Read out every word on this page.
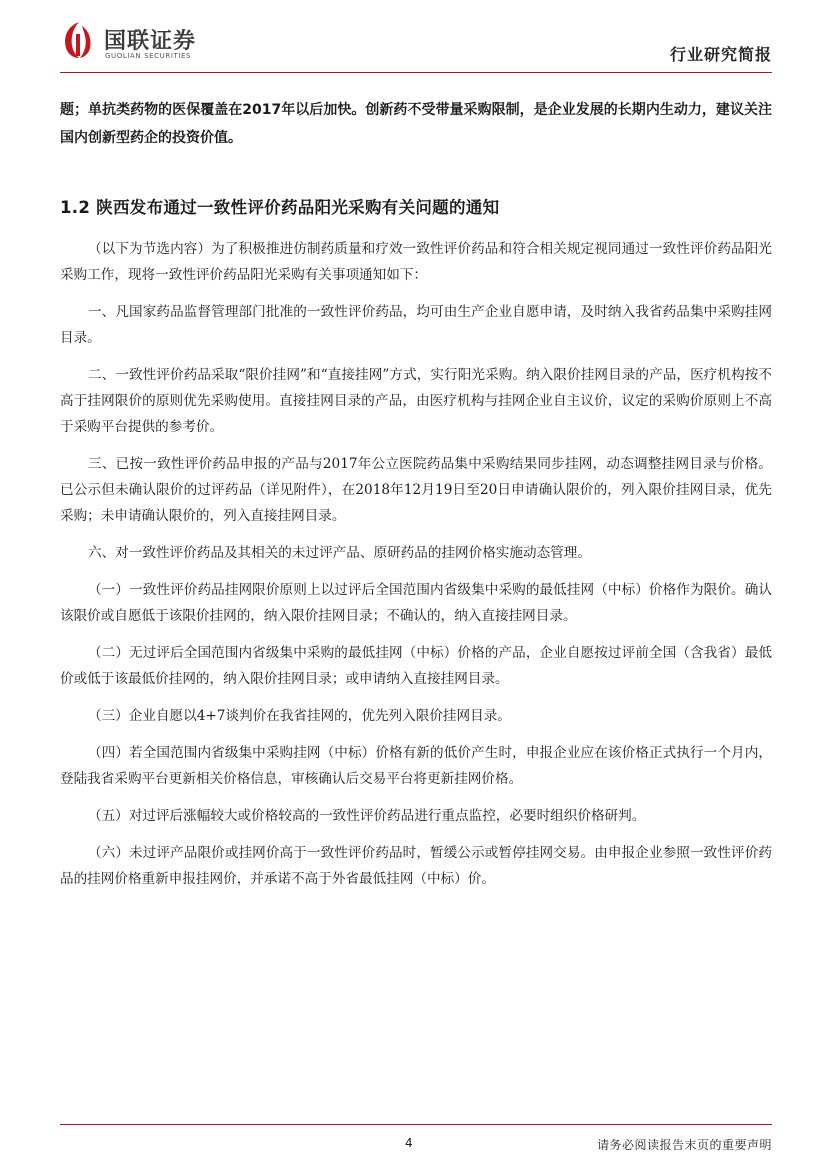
国联证券
GUOLIAN SECURITIES	行业研究简报

题；单抗类药物的医保覆盖在2017年以后加快。创新药不受带量采购限制，是企业发展的长期内生动力，建议关注国内创新型药企的投资价值。

1.2 陕西发布通过一致性评价药品阳光采购有关问题的通知

（以下为节选内容）为了积极推进仿制药质量和疗效一致性评价药品和符合相关规定视同通过一致性评价药品阳光采购工作，现将一致性评价药品阳光采购有关事项通知如下：

一、凡国家药品监督管理部门批准的一致性评价药品，均可由生产企业自愿申请，及时纳入我省药品集中采购挂网目录。

二、一致性评价药品采取“限价挂网”和“直接挂网”方式，实行阳光采购。纳入限价挂网目录的产品，医疗机构按不高于挂网限价的原则优先采购使用。直接挂网目录的产品，由医疗机构与挂网企业自主议价，议定的采购价原则上不高于采购平台提供的参考价。

三、已按一致性评价药品申报的产品与2017年公立医院药品集中采购结果同步挂网，动态调整挂网目录与价格。已公示但未确认限价的过评药品（详见附件），在2018年12月19日至20日申请确认限价的，列入限价挂网目录，优先采购；未申请确认限价的，列入直接挂网目录。

六、对一致性评价药品及其相关的未过评产品、原研药品的挂网价格实施动态管理。

（一）一致性评价药品挂网限价原则上以过评后全国范围内省级集中采购的最低挂网（中标）价格作为限价。确认该限价或自愿低于该限价挂网的，纳入限价挂网目录；不确认的，纳入直接挂网目录。

（二）无过评后全国范围内省级集中采购的最低挂网（中标）价格的产品，企业自愿按过评前全国（含我省）最低价或低于该最低价挂网的，纳入限价挂网目录；或申请纳入直接挂网目录。

（三）企业自愿以4+7谈判价在我省挂网的，优先列入限价挂网目录。

（四）若全国范围内省级集中采购挂网（中标）价格有新的低价产生时，申报企业应在该价格正式执行一个月内，登陆我省采购平台更新相关价格信息，审核确认后交易平台将更新挂网价格。

（五）对过评后涨幅较大或价格较高的一致性评价药品进行重点监控，必要时组织价格研判。

（六）未过评产品限价或挂网价高于一致性评价药品时，暂缓公示或暂停挂网交易。由申报企业参照一致性评价药品的挂网价格重新申报挂网价，并承诺不高于外省最低挂网（中标）价。

4	请务必阅读报告末页的重要声明
